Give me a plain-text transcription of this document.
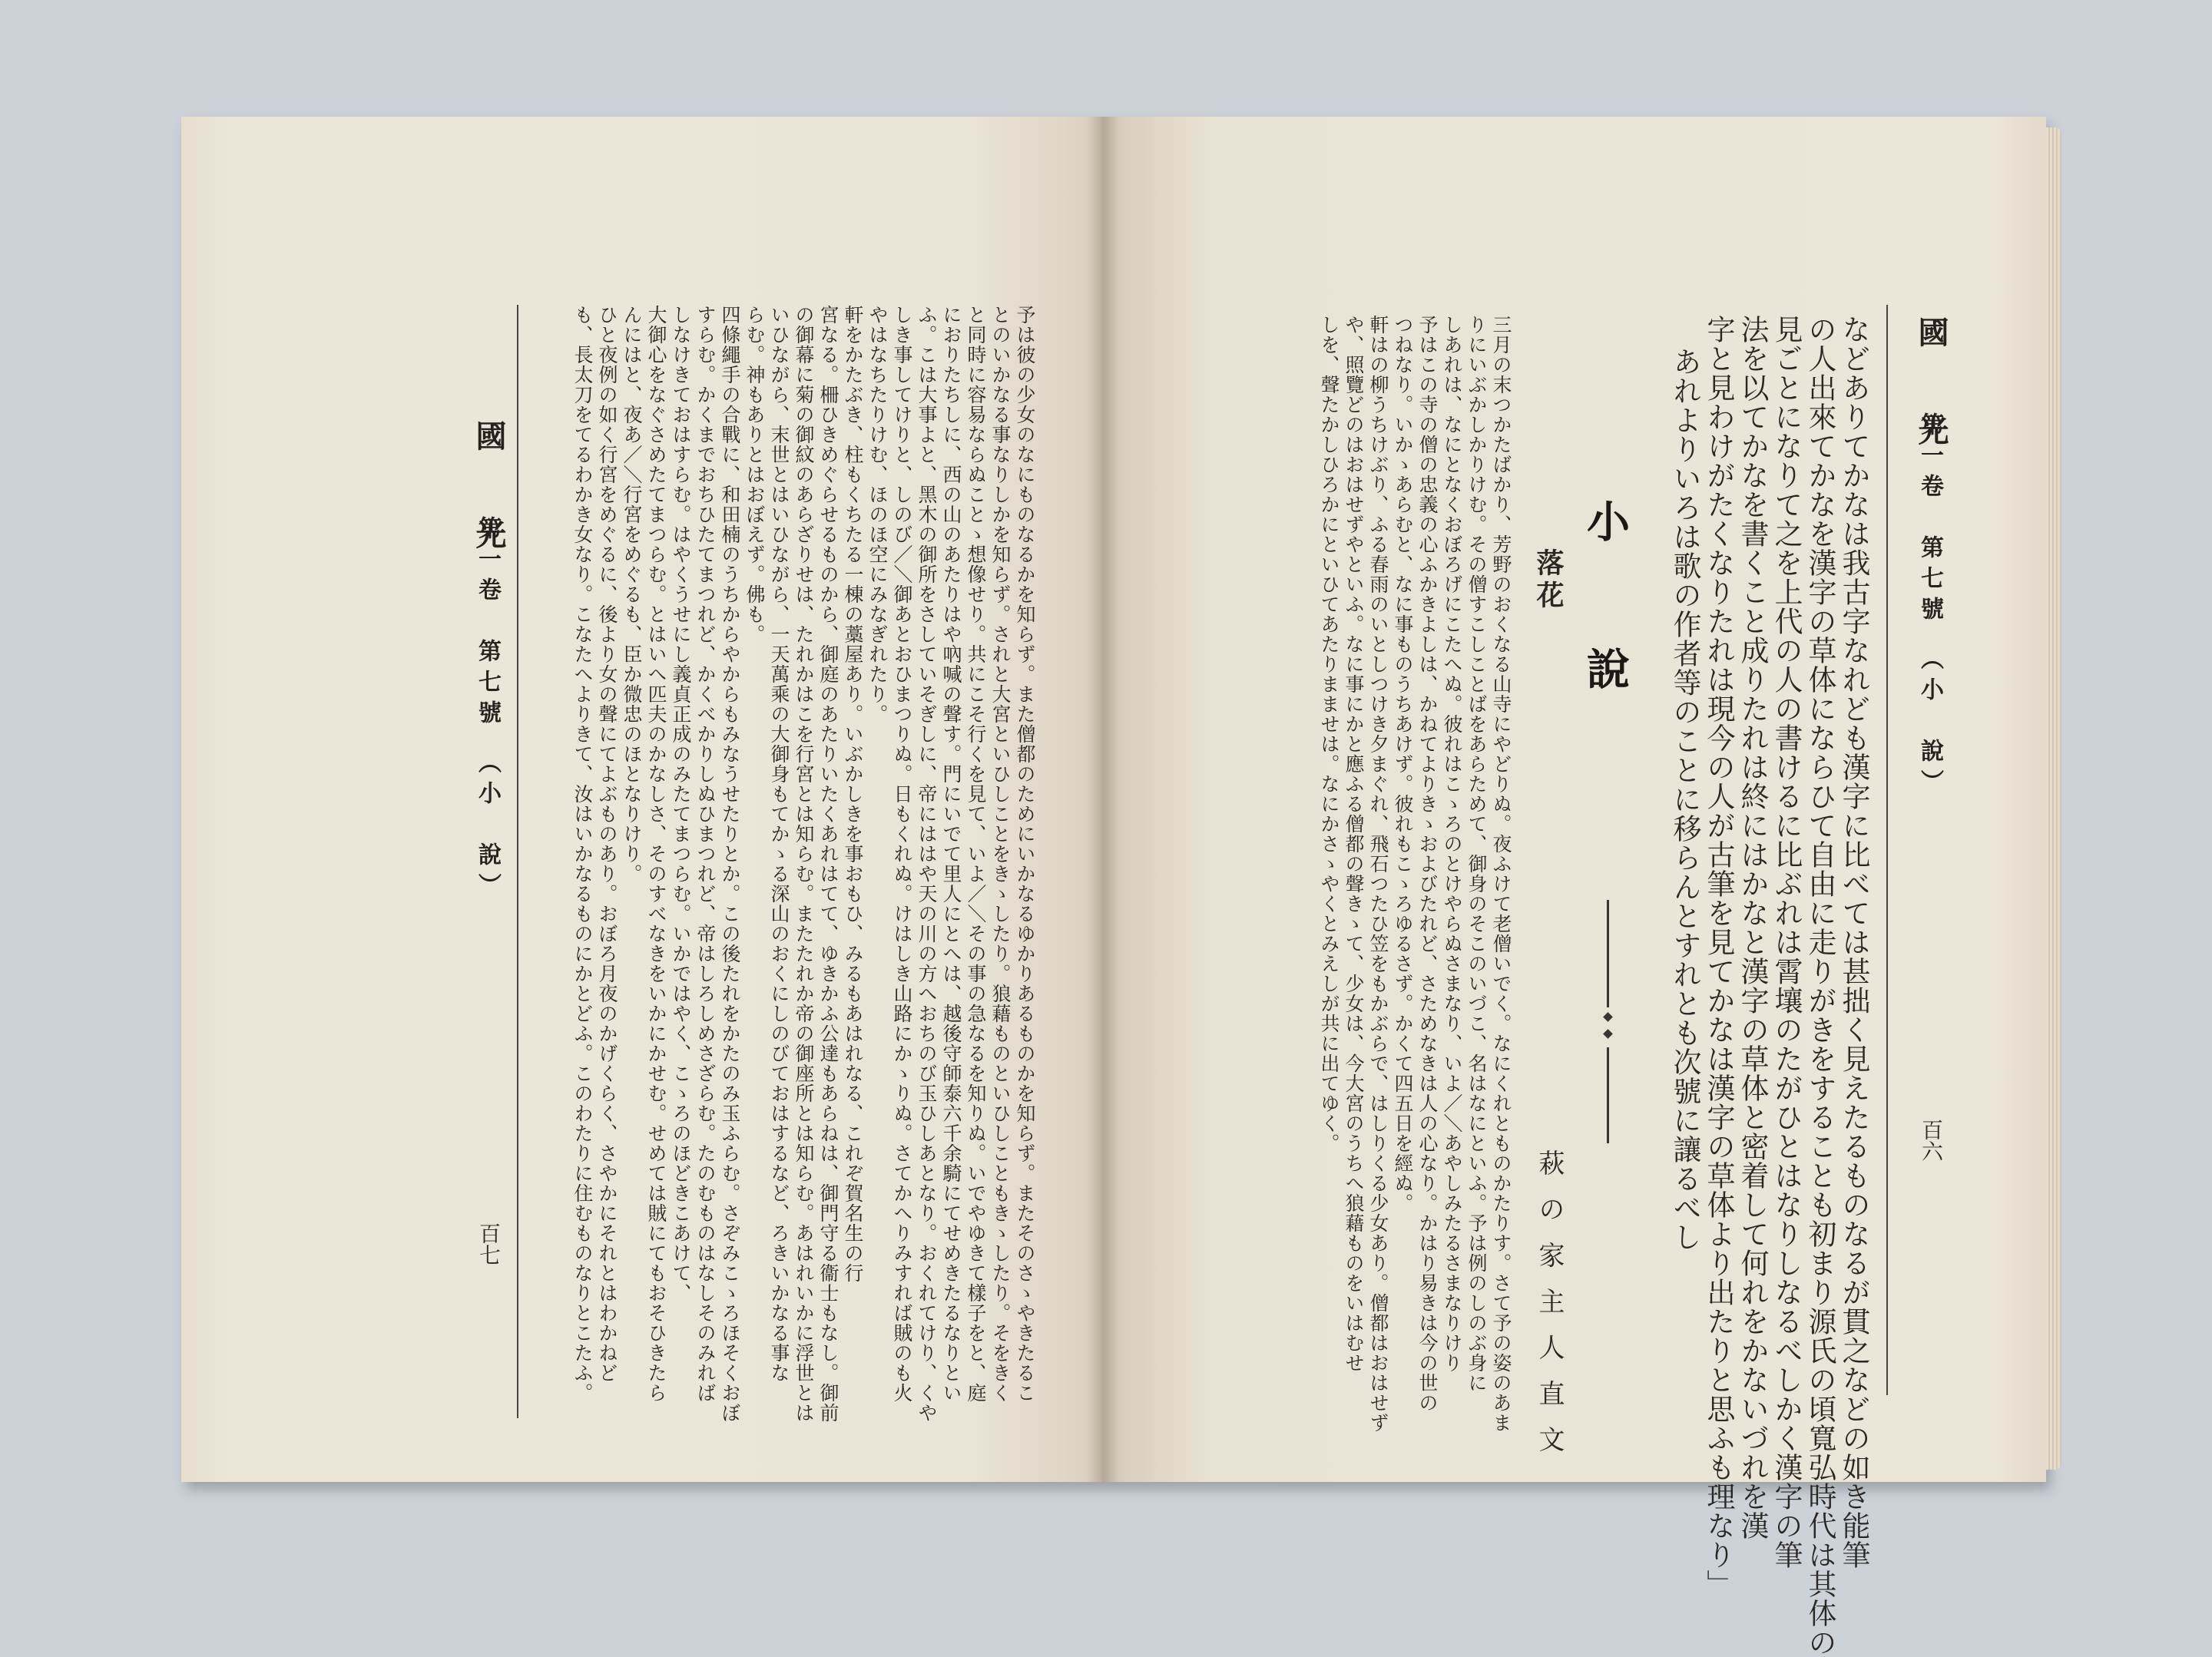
國　光
第一卷　第七號　（小　說）
百七	予は彼の少女のなにものなるかを知らず。また僧都のためにいかなるゆかりあるものかを知らず。またそのさゝやきたるこ
とのいかなる事なりしかを知らず。されと大宮といひしことをきゝしたり。狼藉ものといひしこともきゝしたり。そをきく
と同時に容易ならぬことゝ想像せり。共にこそ行くを見て、いよ／＼その事の急なるを知りぬ。いでやゆきて樣子をと、庭
におりたちしに、西の山のあたりはや吶喊の聲す。門にいでて里人にとへは、越後守師泰六千余騎にてせめきたるなりとい
ふ。こは大事よと、黑木の御所をさしていそぎしに、帝にははや天の川の方へおちのび玉ひしあとなり。おくれてけり、くや
しき事してけりと、しのび／＼御あとおひまつりぬ。日もくれぬ。けはしき山路にかゝりぬ。さてかへりみすれば賊のも火
やはなちたりけむ、ほのほ空にみなぎれたり。
軒をかたぶき、柱もくちたる一棟の藁屋あり。いぶかしきを事おもひ、みるもあはれなる、これぞ賀名生の行
宮なる。柵ひきめぐらせるものから、御庭のあたりいたくあれはてて、ゆきかふ公達もあらねは、御門守る衞士もなし。御前
の御幕に菊の御紋のあらざりせは、たれかはこを行宮とは知らむ。またたれか帝の御座所とは知らむ。あはれいかに浮世とは
いひながら、末世とはいひながら、一天萬乘の大御身もてかゝる深山のおくにしのびておはするなど、ろきいかなる事な
らむ。神もありとはおぼえず。佛も。
四條繩手の合戰に、和田楠のうちからやからもみなうせたりとか。この後たれをかたのみ玉ふらむ。さぞみこゝろほそくおぼ
すらむ。かくまでおちひたてまつれど、かくべかりしぬひまつれど、帝はしろしめさざらむ。たのむものはなしそのみれば
しなけきておはすらむ。はやくうせにし義貞正成のみたてまつらむ。いかではやく、こゝろのほどきこあけて、
大御心をなぐさめたてまつらむ。とはいへ匹夫のかなしさ、そのすべなきをいかにかせむ。せめては賊にてもおそひきたら
んにはと、夜あ／＼行宮をめぐるも、臣か微忠のほとなりけり。
ひと夜例の如く行宮をめぐるに、後より女の聲にてよぶものあり。おぼろ月夜のかげくらく、さやかにそれとはわかねど
も、長太刀をてるわかき女なり。こなたへよりきて、汝はいかなるものにかとどふ。このわたりに住むものなりとこたふ。	國　光
第一卷　第七號　（小　說）
百六
などありてかなは我古字なれども漢字に比べては甚拙く見えたるものなるが貫之などの如き能筆
の人出來てかなを漢字の草体にならひて自由に走りがきをすることも初まり源氏の頃寬弘時代は其体の
見ごとになりて之を上代の人の書けるに比ぶれは霄壤のたがひとはなりしなるべしかく漢字の筆
法を以てかなを書くこと成りたれは終にはかなと漢字の草体と密着して何れをかないづれを漢
字と見わけがたくなりたれは現今の人が古筆を見てかなは漢字の草体より出たりと思ふも理なり」
あれよりいろは歌の作者等のことに移らんとすれとも次號に讓るべし
小　說
落花
萩の家主人直文
三月の末つかたばかり、芳野のおくなる山寺にやどりぬ。夜ふけて老僧いでく。なにくれとものかたりす。さて予の姿のあま
りにいぶかしかりけむ。その僧すこしことばをあらためて、御身のそこのいづこ、名はなにといふ。予は例のしのぶ身に
しあれは、なにとなくおぼろげにこたへぬ。彼れはこゝろのとけやらぬさまなり、いよ／＼あやしみたるさまなりけり
予はこの寺の僧の忠義の心ふかきよしは、かねてよりきゝおよびたれど、さためなきは人の心なり。かはり易きは今の世の
つねなり。いかゝあらむと、なに事ものうちあけず。彼れもこゝろゆるさず。かくて四五日を經ぬ。
軒はの柳うちけぶり、ふる春雨のいとしつけき夕まぐれ、飛石つたひ笠をもかぶらで、はしりくる少女あり。僧都はおはせず
や、照覽どのはおはせずやといふ。なに事にかと應ふる僧都の聲きゝて、少女は、今大宮のうちへ狼藉ものをいはむせ
しを、聲たかしひろかにといひてあたりまませは。なにかさゝやくとみえしが共に出てゆく。
